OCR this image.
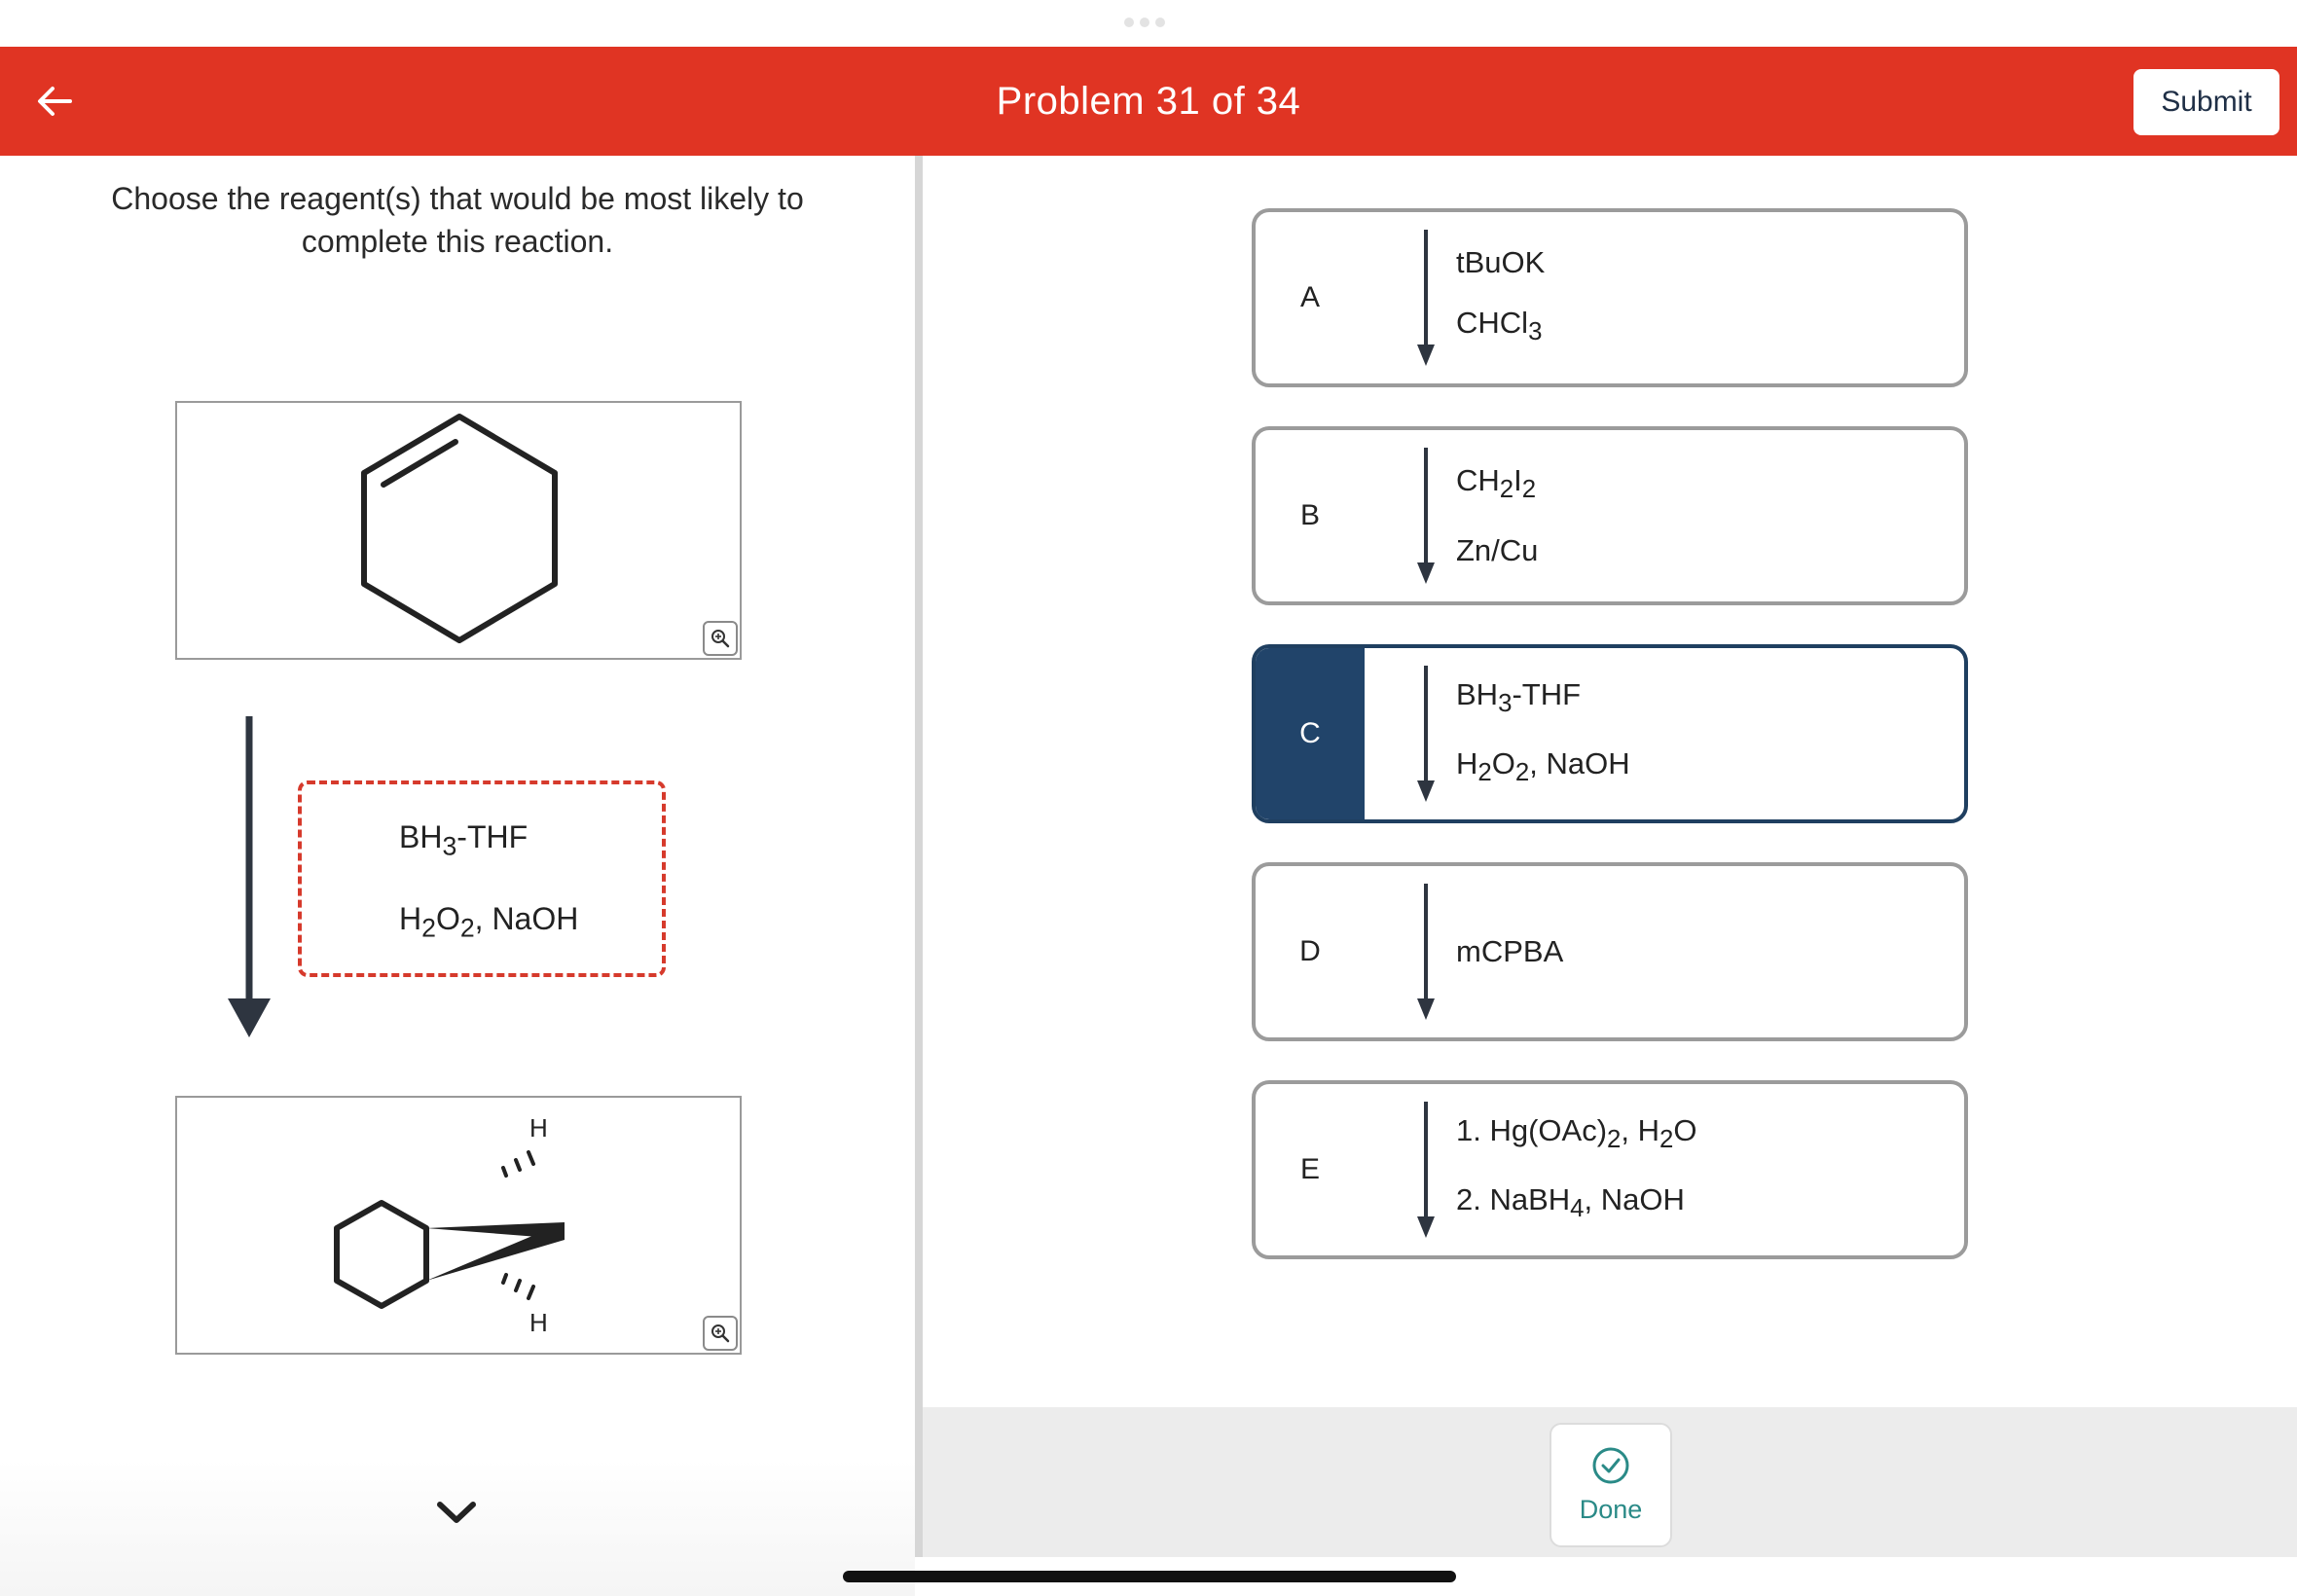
Problem 31 of 34	Submit
Choose the reagent(s) that would be most likely to complete this reaction.
$BH_3$-THF
$H_2O_2$, NaOH
H
H
A
tBuOK
CHCl$_3$
B
$CH_2I_2$
Zn/Cu
C
$BH_3$-THF
$H_2O_2$, NaOH
D	mCPBA
E
1. $Hg(OAc)_2$, $H_2O$
2. NaBH$_4$, NaOH
Done
